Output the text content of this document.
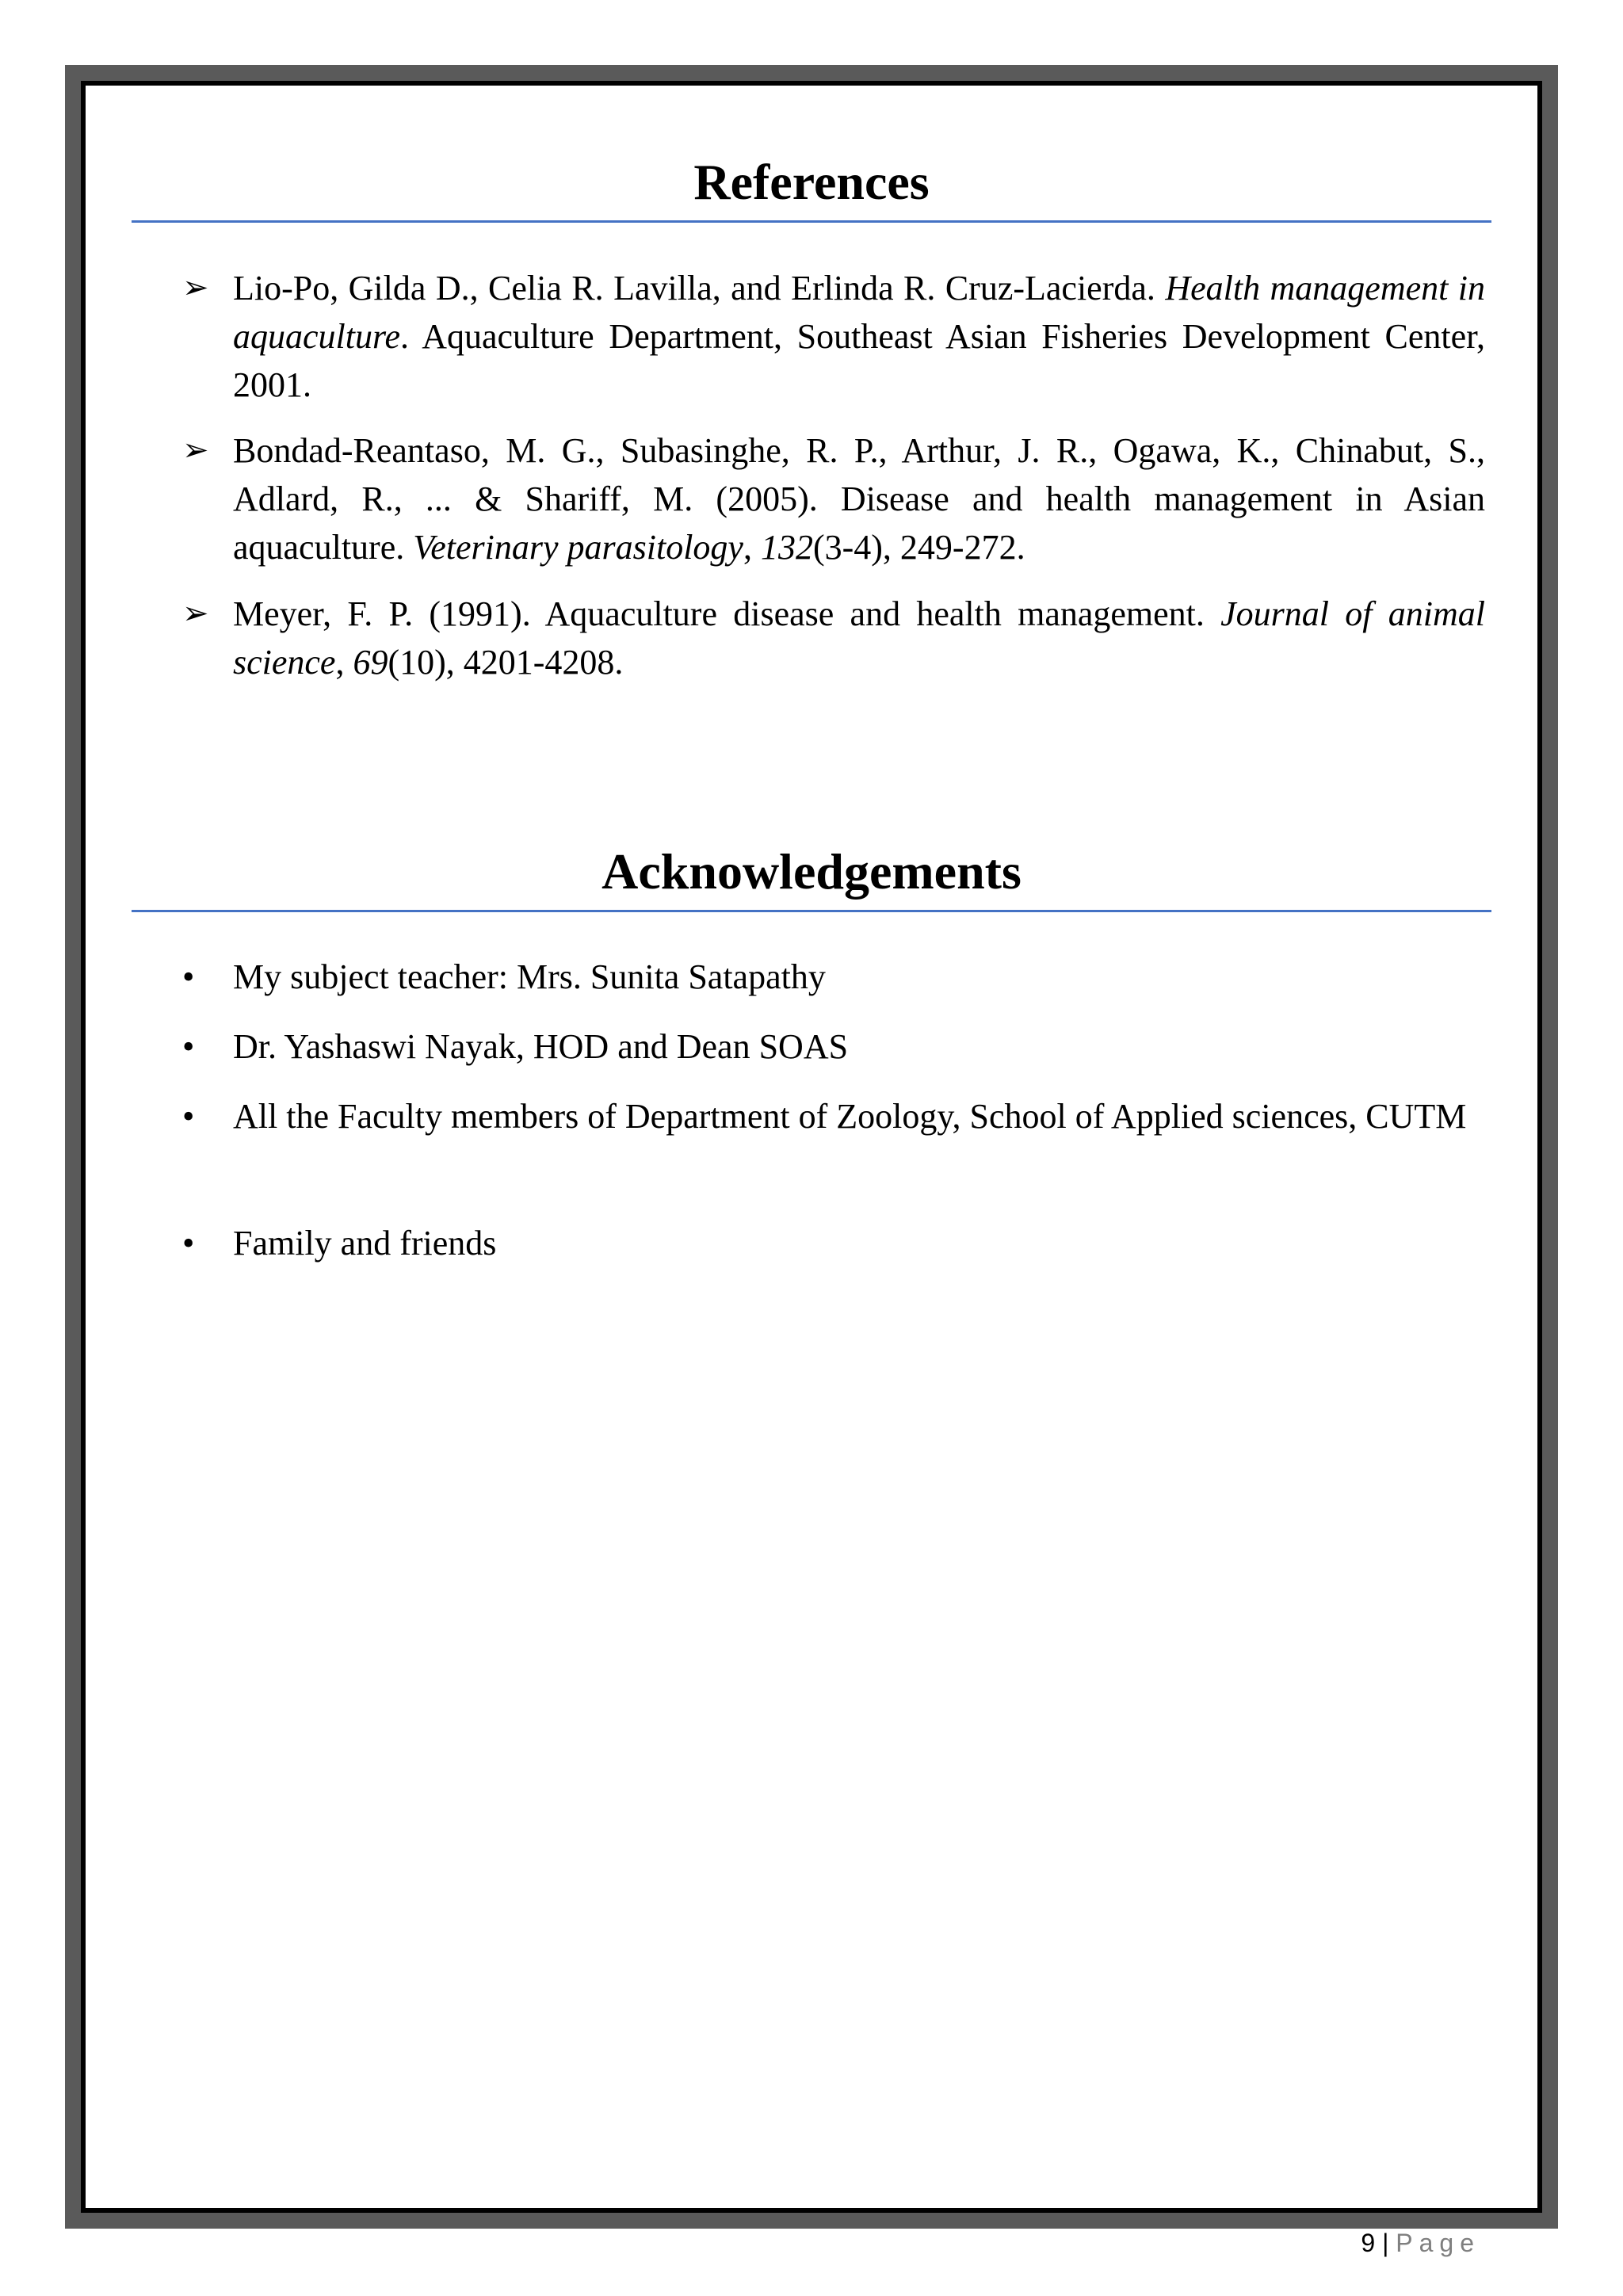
References
➢ Lio-Po, Gilda D., Celia R. Lavilla, and Erlinda R. Cruz-Lacierda. Health management in aquaculture. Aquaculture Department, Southeast Asian Fisheries Development Center, 2001.
➢ Bondad-Reantaso, M. G., Subasinghe, R. P., Arthur, J. R., Ogawa, K., Chinabut, S., Adlard, R., ... & Shariff, M. (2005). Disease and health management in Asian aquaculture. Veterinary parasitology, 132(3-4), 249-272.
➢ Meyer, F. P. (1991). Aquaculture disease and health management. Journal of animal science, 69(10), 4201-4208.
Acknowledgements
• My subject teacher: Mrs. Sunita Satapathy
• Dr. Yashaswi Nayak, HOD and Dean SOAS
• All the Faculty members of Department of Zoology, School of Applied sciences, CUTM
• Family and friends
9 | Page
